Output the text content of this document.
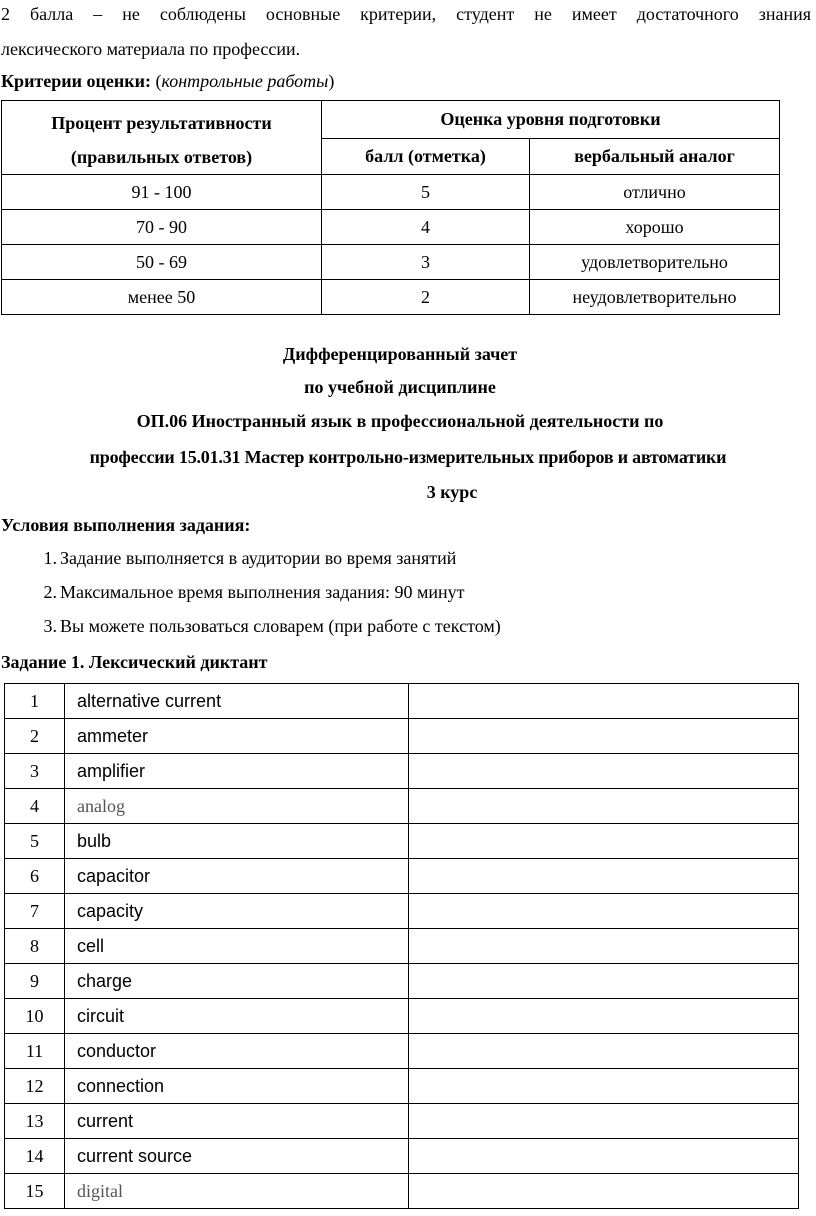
2 балла – не соблюдены основные критерии, студент не имеет достаточного знания
лексического материала по профессии.
Критерии оценки: (контрольные работы)
Процент результативности
(правильных ответов)	Оценка уровня подготовки	
	балл (отметка)	вербальный аналог
91 - 100	5	отлично
70 - 90	4	хорошо
50 - 69	3	удовлетворительно
менее 50	2	неудовлетворительно
Дифференцированный зачет
по учебной дисциплине
ОП.06 Иностранный язык в профессиональной деятельности по
профессии 15.01.31 Мастер контрольно-измерительных приборов и автоматики
3 курс
Условия выполнения задания:
1. Задание выполняется в аудитории во время занятий
2. Максимальное время выполнения задания: 90 минут
3. Вы можете пользоваться словарем (при работе с текстом)
Задание 1. Лексический диктант
1	alternative current	
2	ammeter	
3	amplifier	
4	analog	
5	bulb	
6	capacitor	
7	capacity	
8	cell	
9	charge	
10	circuit	
11	conductor	
12	connection	
13	current	
14	current source	
15	digital	
